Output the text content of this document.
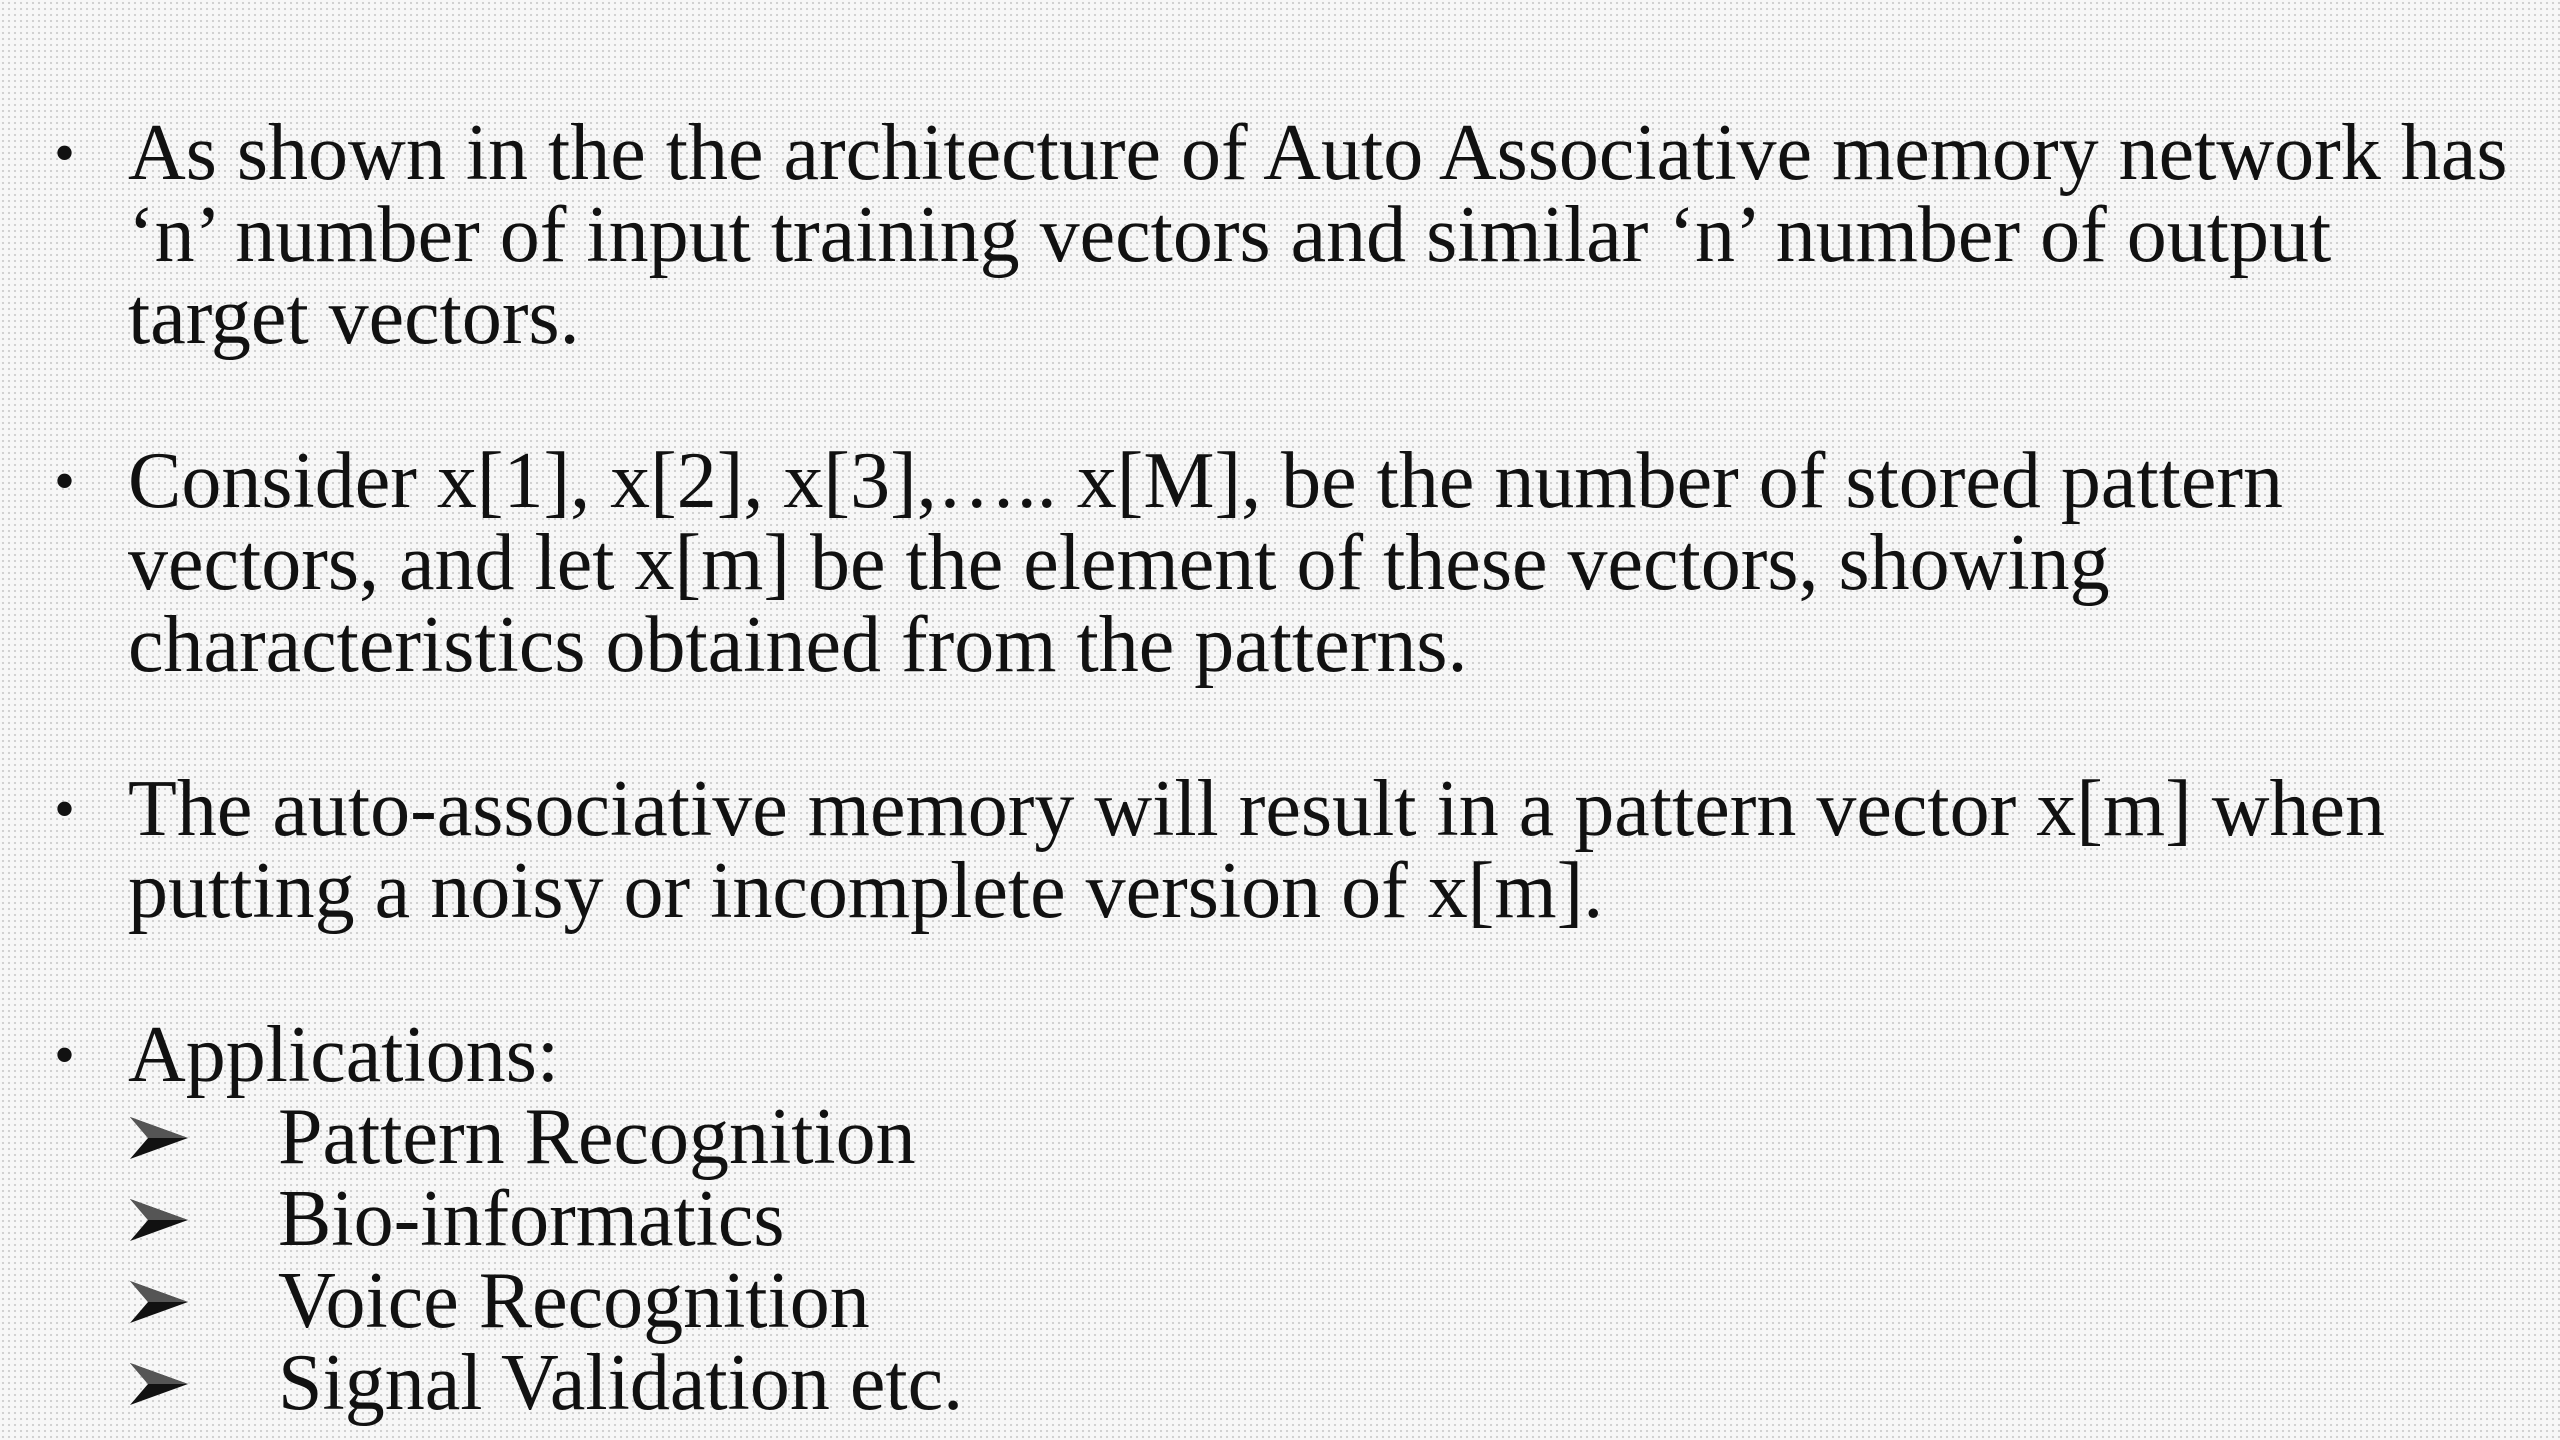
• As shown in the the architecture of Auto Associative memory network has ‘n’ number of input training vectors and similar ‘n’ number of output target vectors.
• Consider x[1], x[2], x[3],….. x[M], be the number of stored pattern vectors, and let x[m] be the element of these vectors, showing characteristics obtained from the patterns.
• The auto-associative memory will result in a pattern vector x[m] when putting a noisy or incomplete version of x[m].
• Applications:
Pattern Recognition
Bio-informatics
Voice Recognition
Signal Validation etc.
